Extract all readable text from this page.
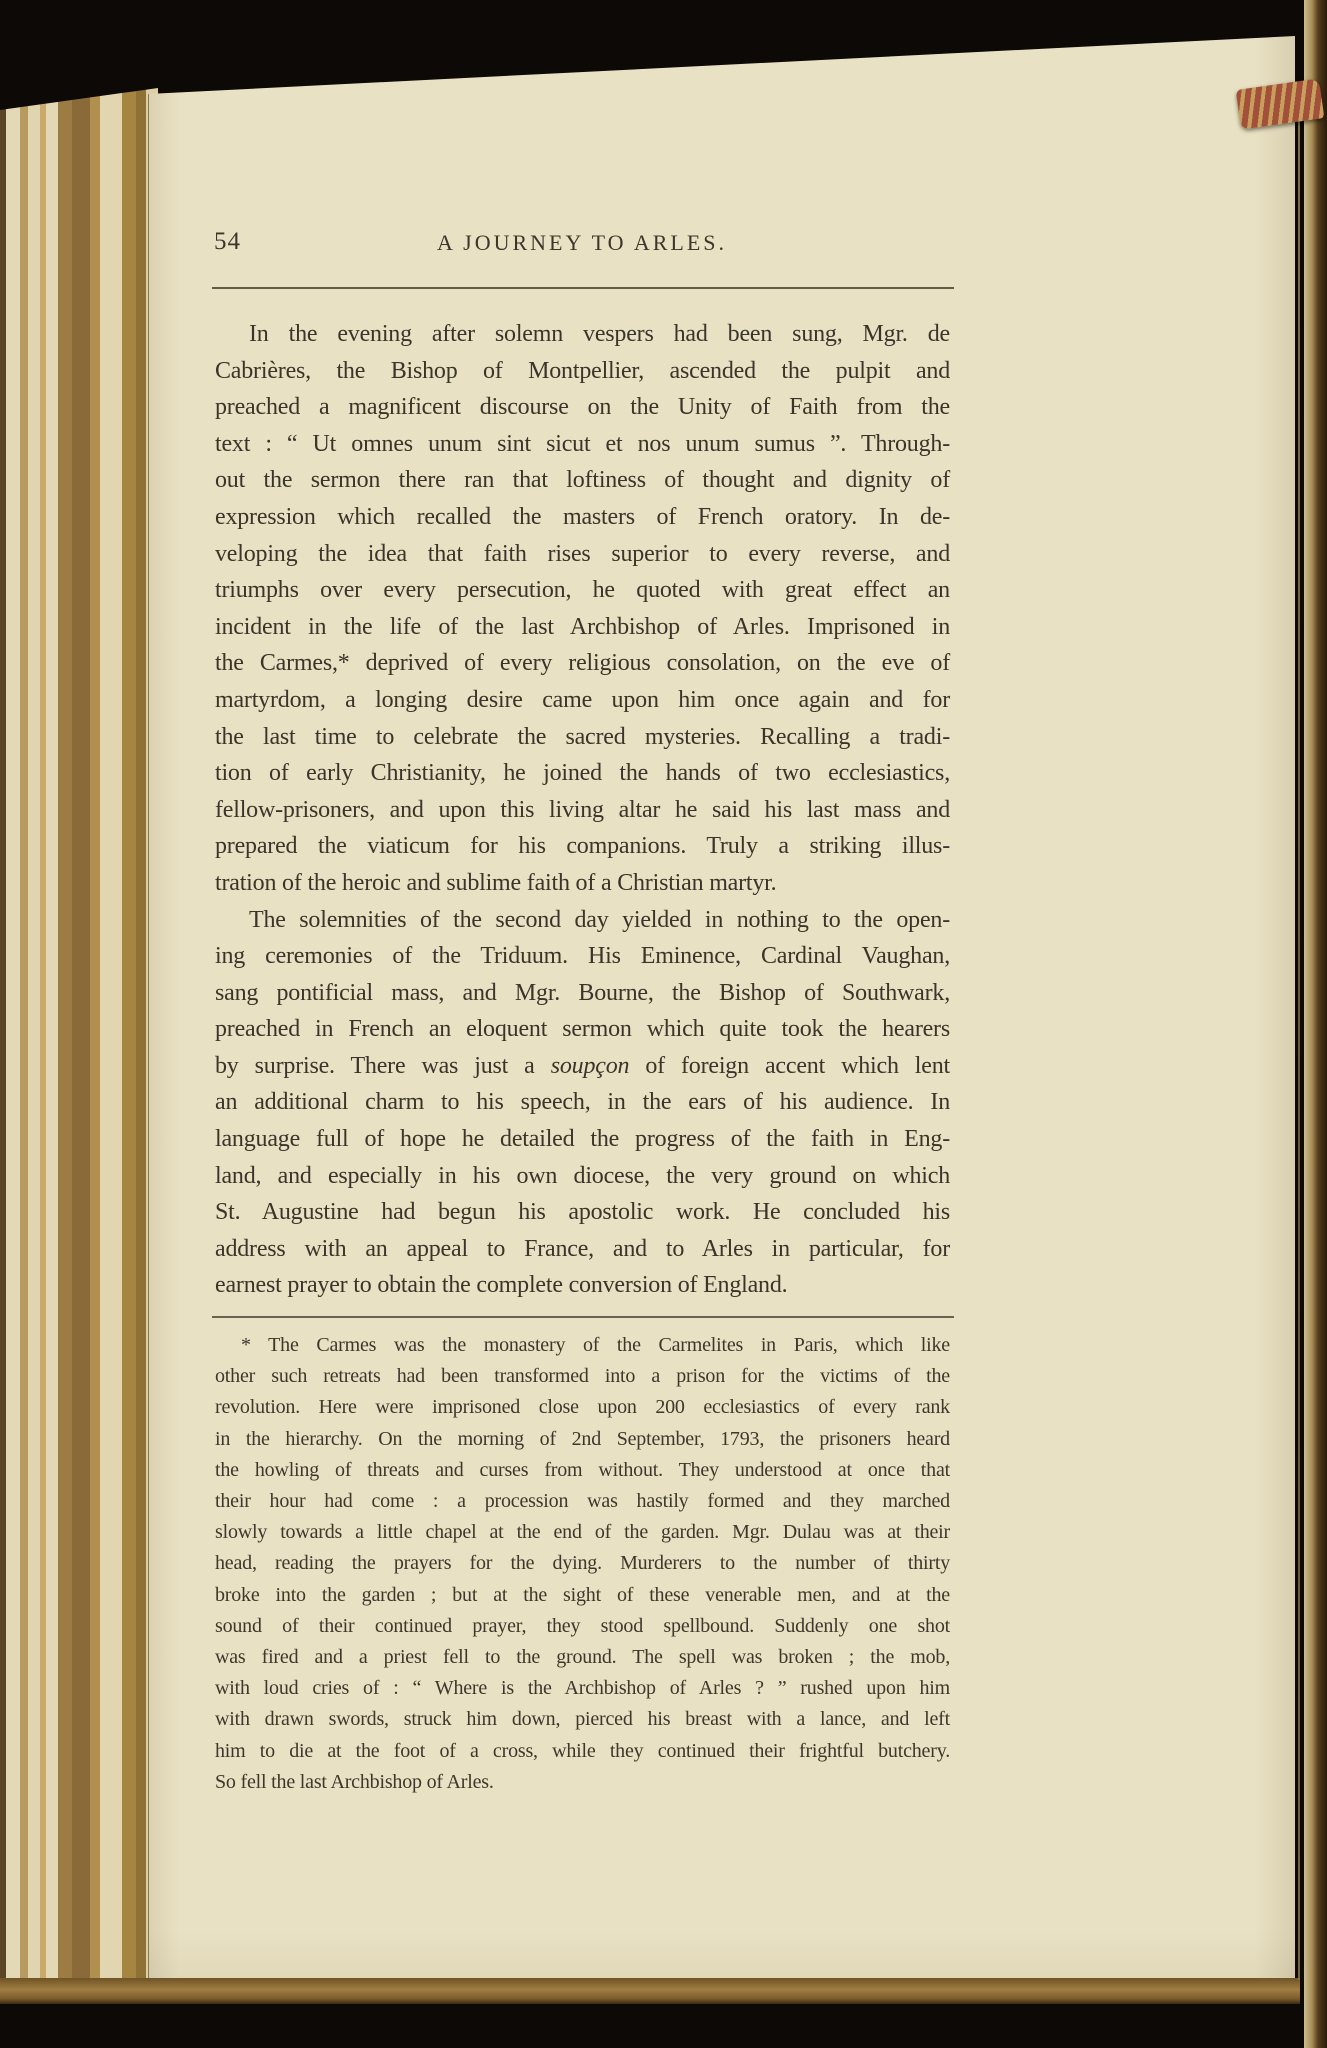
54	A JOURNEY TO ARLES.
In the evening after solemn vespers had been sung, Mgr. de
Cabrières, the Bishop of Montpellier, ascended the pulpit and
preached a magnificent discourse on the Unity of Faith from the
text : “ Ut omnes unum sint sicut et nos unum sumus ”. Through-
out the sermon there ran that loftiness of thought and dignity of
expression which recalled the masters of French oratory. In de-
veloping the idea that faith rises superior to every reverse, and
triumphs over every persecution, he quoted with great effect an
incident in the life of the last Archbishop of Arles. Imprisoned in
the Carmes,* deprived of every religious consolation, on the eve of
martyrdom, a longing desire came upon him once again and for
the last time to celebrate the sacred mysteries. Recalling a tradi-
tion of early Christianity, he joined the hands of two ecclesiastics,
fellow-prisoners, and upon this living altar he said his last mass and
prepared the viaticum for his companions. Truly a striking illus-
tration of the heroic and sublime faith of a Christian martyr.
The solemnities of the second day yielded in nothing to the open-
ing ceremonies of the Triduum. His Eminence, Cardinal Vaughan,
sang pontificial mass, and Mgr. Bourne, the Bishop of Southwark,
preached in French an eloquent sermon which quite took the hearers
by surprise. There was just a soupçon of foreign accent which lent
an additional charm to his speech, in the ears of his audience. In
language full of hope he detailed the progress of the faith in Eng-
land, and especially in his own diocese, the very ground on which
St. Augustine had begun his apostolic work. He concluded his
address with an appeal to France, and to Arles in particular, for
earnest prayer to obtain the complete conversion of England.
* The Carmes was the monastery of the Carmelites in Paris, which like
other such retreats had been transformed into a prison for the victims of the
revolution. Here were imprisoned close upon 200 ecclesiastics of every rank
in the hierarchy. On the morning of 2nd September, 1793, the prisoners heard
the howling of threats and curses from without. They understood at once that
their hour had come : a procession was hastily formed and they marched
slowly towards a little chapel at the end of the garden. Mgr. Dulau was at their
head, reading the prayers for the dying. Murderers to the number of thirty
broke into the garden ; but at the sight of these venerable men, and at the
sound of their continued prayer, they stood spellbound. Suddenly one shot
was fired and a priest fell to the ground. The spell was broken ; the mob,
with loud cries of : “ Where is the Archbishop of Arles ? ” rushed upon him
with drawn swords, struck him down, pierced his breast with a lance, and left
him to die at the foot of a cross, while they continued their frightful butchery.
So fell the last Archbishop of Arles.
